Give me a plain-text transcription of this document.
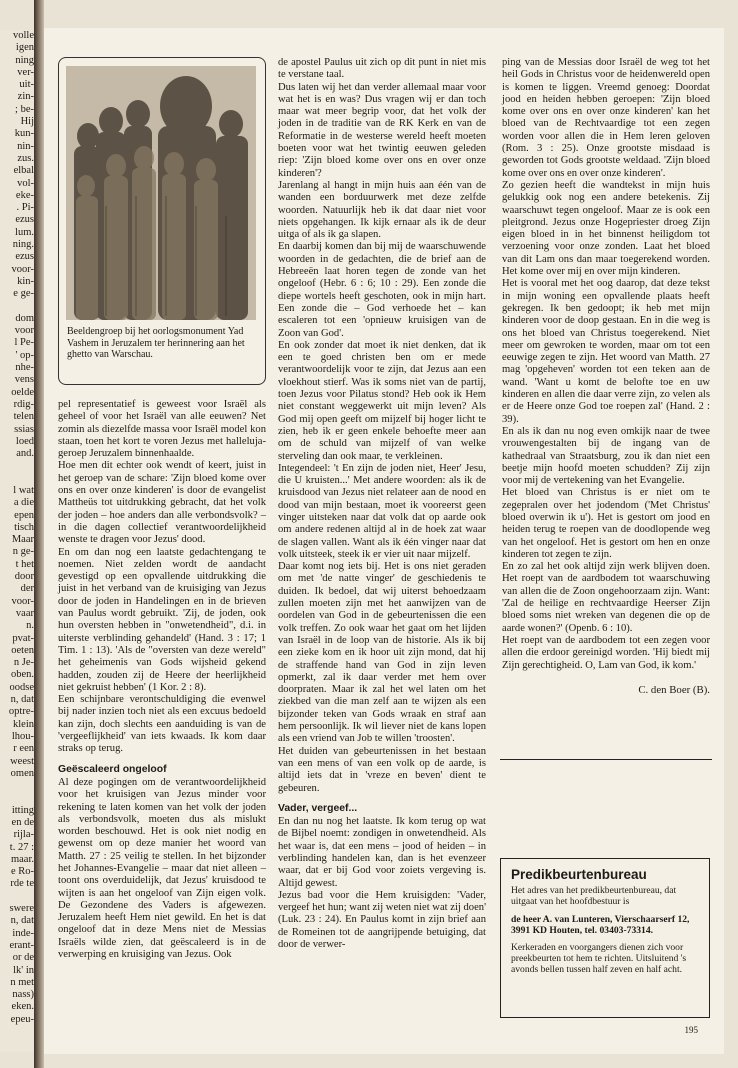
volle
igen
ning
ver-
uit-
zin-
; be-
Hij
kun-
nin-
zus.
elbal
vol-
eke-
. Pi-
ezus
lum.
ning.
ezus
voor-
kin-
e ge-

dom
voor
l Pe-
' op-
nhe-
vens
oelde
rdig-
telen
ssias
loed
and.

l wat
a die
epen
tisch
Maar
n ge-
t het
door
der
voor-
vaar
n.
pvat-
oeten
n Je-
oben.
oodse
n, dat
optre-
klein
lhou-
r een
weest
omen

itting
en de
rijla-
t. 27 :
maar.
e Ro-
rde te

swere
n, dat
inde-
erant-
or de
lk' in
n met
nass)
eken.
epeu-
Beeldengroep bij het oorlogsmonument Yad Vashem in Jeruzalem ter herinnering aan het ghetto van Warschau.

pel representatief is geweest voor Israël als geheel of voor het Israël van alle eeuwen? Net zomin als diezelfde massa voor Israël model kon staan, toen het kort te voren Jezus met halleluja-geroep Jeruzalem binnenhaalde.

Hoe men dit echter ook wendt of keert, juist in het geroep van de schare: 'Zijn bloed kome over ons en over onze kinderen' is door de evangelist Mattheüs tot uitdrukking gebracht, dat het volk der joden – hoe anders dan alle verbondsvolk? – in die dagen collectief verantwoordelijkheid wenste te dragen voor Jezus' dood.

En om dan nog een laatste gedachtengang te noemen. Niet zelden wordt de aandacht gevestigd op een opvallende uitdrukking die juist in het verband van de kruisiging van Jezus door de joden in Handelingen en in de brieven van Paulus wordt gebruikt. 'Zij, de joden, ook hun oversten hebben in "onwetendheid", d.i. in uiterste verblinding gehandeld' (Hand. 3 : 17; 1 Tim. 1 : 13). 'Als de "oversten van deze wereld" het geheimenis van Gods wijsheid gekend hadden, zouden zij de Heere der heerlijkheid niet gekruist hebben' (1 Kor. 2 : 8).

Een schijnbare verontschuldiging die evenwel bij nader inzien toch niet als een excuus bedoeld kan zijn, doch slechts een aanduiding is van de 'vergeeflijkheid' van iets kwaads. Ik kom daar straks op terug.

Geëscaleerd ongeloof

Al deze pogingen om de verantwoordelijkheid voor het kruisigen van Jezus minder voor rekening te laten komen van het volk der joden als verbondsvolk, moeten dus als mislukt worden beschouwd. Het is ook niet nodig en gewenst om op deze manier het woord van Matth. 27 : 25 veilig te stellen. In het bijzonder het Johannes-Evangelie – maar dat niet alleen – toont ons overduidelijk, dat Jezus' kruisdood te wijten is aan het ongeloof van Zijn eigen volk. De Gezondene des Vaders is afgewezen. Jeruzalem heeft Hem niet gewild. En het is dat ongeloof dat in deze Mens niet de Messias Israëls wilde zien, dat geëscaleerd is in de verwerping en kruisiging van Jezus. Ook

de apostel Paulus uit zich op dit punt in niet mis te verstane taal.

Dus laten wij het dan verder allemaal maar voor wat het is en was? Dus vragen wij er dan toch maar wat meer begrip voor, dat het volk der joden in de traditie van de RK Kerk en van de Reformatie in de westerse wereld heeft moeten boeten voor wat het twintig eeuwen geleden riep: 'Zijn bloed kome over ons en over onze kinderen'?

Jarenlang al hangt in mijn huis aan één van de wanden een borduurwerk met deze zelfde woorden. Natuurlijk heb ik dat daar niet voor niets opgehangen. Ik kijk ernaar als ik de deur uitga of als ik ga slapen.

En daarbij komen dan bij mij de waarschuwende woorden in de gedachten, die de brief aan de Hebreeën laat horen tegen de zonde van het ongeloof (Hebr. 6 : 6; 10 : 29). Een zonde die diepe wortels heeft geschoten, ook in mijn hart. Een zonde die – God verhoede het – kan escaleren tot een 'opnieuw kruisigen van de Zoon van God'.

En ook zonder dat moet ik niet denken, dat ik een te goed christen ben om er mede verantwoordelijk voor te zijn, dat Jezus aan een vloekhout stierf. Was ik soms niet van de partij, toen Jezus voor Pilatus stond? Heb ook ik Hem niet constant weggewerkt uit mijn leven? Als God mij open geeft om mijzelf bij hoger licht te zien, heb ik er geen enkele behoefte meer aan om de schuld van mijzelf of van welke sterveling dan ook maar, te verkleinen.

Integendeel: 't En zijn de joden niet, Heer' Jesu, die U kruisten...' Met andere woorden: als ik de kruisdood van Jezus niet relateer aan de nood en dood van mijn bestaan, moet ik vooreerst geen vinger uitsteken naar dat volk dat op aarde ook om andere redenen altijd al in de hoek zat waar de slagen vallen. Want als ik één vinger naar dat volk uitsteek, steek ik er vier uit naar mijzelf.

Daar komt nog iets bij. Het is ons niet geraden om met 'de natte vinger' de geschiedenis te duiden. Ik bedoel, dat wij uiterst behoedzaam zullen moeten zijn met het aanwijzen van de oordelen van God in de gebeurtenissen die een volk treffen. Zo ook waar het gaat om het lijden van Israël in de loop van de historie. Als ik bij een zieke kom en ik hoor uit zijn mond, dat hij de straffende hand van God in zijn leven opmerkt, zal ik daar verder met hem over doorpraten. Maar ik zal het wel laten om het ziekbed van die man zelf aan te wijzen als een bijzonder teken van Gods wraak en straf aan hem persoonlijk. Ik wil liever niet de kans lopen als een vriend van Job te willen 'troosten'.

Het duiden van gebeurtenissen in het bestaan van een mens of van een volk op de aarde, is altijd iets dat in 'vreze en beven' dient te gebeuren.

Vader, vergeef...

En dan nu nog het laatste. Ik kom terug op wat de Bijbel noemt: zondigen in onwetendheid. Als het waar is, dat een mens – jood of heiden – in verblinding handelen kan, dan is het evenzeer waar, dat er bij God voor zoiets vergeving is. Altijd gewest.

Jezus bad voor die Hem kruisigden: 'Vader, vergeef het hun; want zij weten niet wat zij doen' (Luk. 23 : 24). En Paulus komt in zijn brief aan de Romeinen tot de aangrijpende betuiging, dat door de verwer-

ping van de Messias door Israël de weg tot het heil Gods in Christus voor de heidenwereld open is komen te liggen. Vreemd genoeg: Doordat jood en heiden hebben geroepen: 'Zijn bloed kome over ons en over onze kinderen' kan het bloed van de Rechtvaardige tot een zegen worden voor allen die in Hem leren geloven (Rom. 3 : 25). Onze grootste misdaad is geworden tot Gods grootste weldaad. 'Zijn bloed kome over ons en over onze kinderen'.

Zo gezien heeft die wandtekst in mijn huis gelukkig ook nog een andere betekenis. Zij waarschuwt tegen ongeloof. Maar ze is ook een pleitgrond. Jezus onze Hogepriester droeg Zijn eigen bloed in in het binnenst heiligdom tot verzoening voor onze zonden. Laat het bloed van dit Lam ons dan maar toegerekend worden. Het kome over mij en over mijn kinderen.

Het is vooral met het oog daarop, dat deze tekst in mijn woning een opvallende plaats heeft gekregen. Ik ben gedoopt; ik heb met mijn kinderen voor de doop gestaan. En in die weg is ons het bloed van Christus toegerekend. Niet meer om gewroken te worden, maar om tot een eeuwige zegen te zijn. Het woord van Matth. 27 mag 'opgeheven' worden tot een teken aan de wand. 'Want u komt de belofte toe en uw kinderen en allen die daar verre zijn, zo velen als er de Heere onze God toe roepen zal' (Hand. 2 : 39).

En als ik dan nu nog even omkijk naar de twee vrouwengestalten bij de ingang van de kathedraal van Straatsburg, zou ik dan niet een beetje mijn hoofd moeten schudden? Zij zijn voor mij de vertekening van het Evangelie.

Het bloed van Christus is er niet om te zegepralen over het jodendom ('Met Christus' bloed overwin ik u'). Het is gestort om jood en heiden terug te roepen van de doodlopende weg van het ongeloof. Het is gestort om hen en onze kinderen tot zegen te zijn.

En zo zal het ook altijd zijn werk blijven doen. Het roept van de aardbodem tot waarschuwing van allen die de Zoon ongehoorzaam zijn. Want: 'Zal de heilige en rechtvaardige Heerser Zijn bloed soms niet wreken van degenen die op de aarde wonen?' (Openb. 6 : 10).

Het roept van de aardbodem tot een zegen voor allen die erdoor gereinigd worden. 'Hij biedt mij Zijn gerechtigheid. O, Lam van God, ik kom.'

C. den Boer (B).
Predikbeurtenbureau

Het adres van het predikbeurtenbureau, dat uitgaat van het hoofdbestuur is

de heer A. van Lunteren, Vierschaarserf 12, 3991 KD Houten, tel. 03403-73314.

Kerkeraden en voorgangers dienen zich voor preekbeurten tot hem te richten. Uitsluitend 's avonds bellen tussen half zeven en half acht.

195
